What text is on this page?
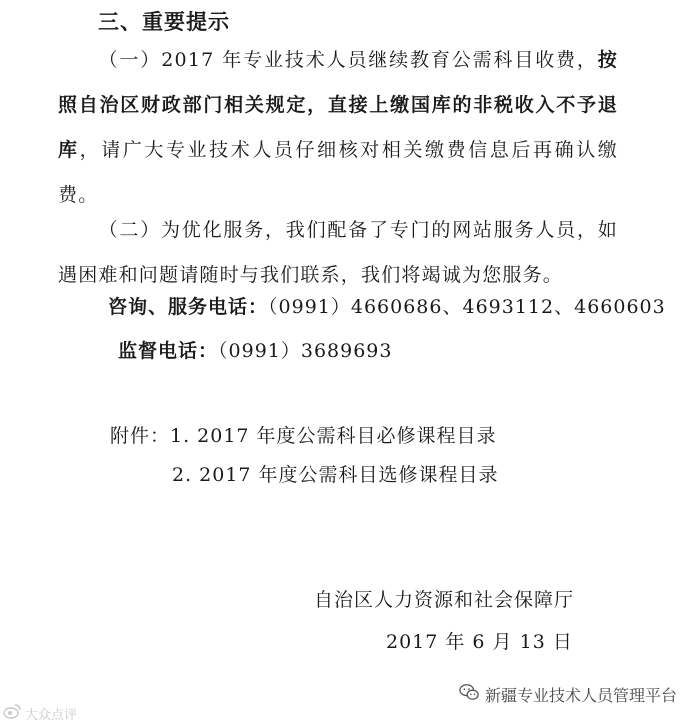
三、重要提示
（一）2017 年专业技术人员继续教育公需科目收费，按照自治区财政部门相关规定，直接上缴国库的非税收入不予退库，请广大专业技术人员仔细核对相关缴费信息后再确认缴费。
（二）为优化服务，我们配备了专门的网站服务人员，如遇困难和问题请随时与我们联系，我们将竭诚为您服务。
咨询、服务电话：（0991）4660686、4693112、4660603
监督电话：（0991）3689693
附件：1. 2017 年度公需科目必修课程目录
2. 2017 年度公需科目选修课程目录
自治区人力资源和社会保障厅
2017 年 6 月 13 日
大众点评
新疆专业技术人员管理平台
